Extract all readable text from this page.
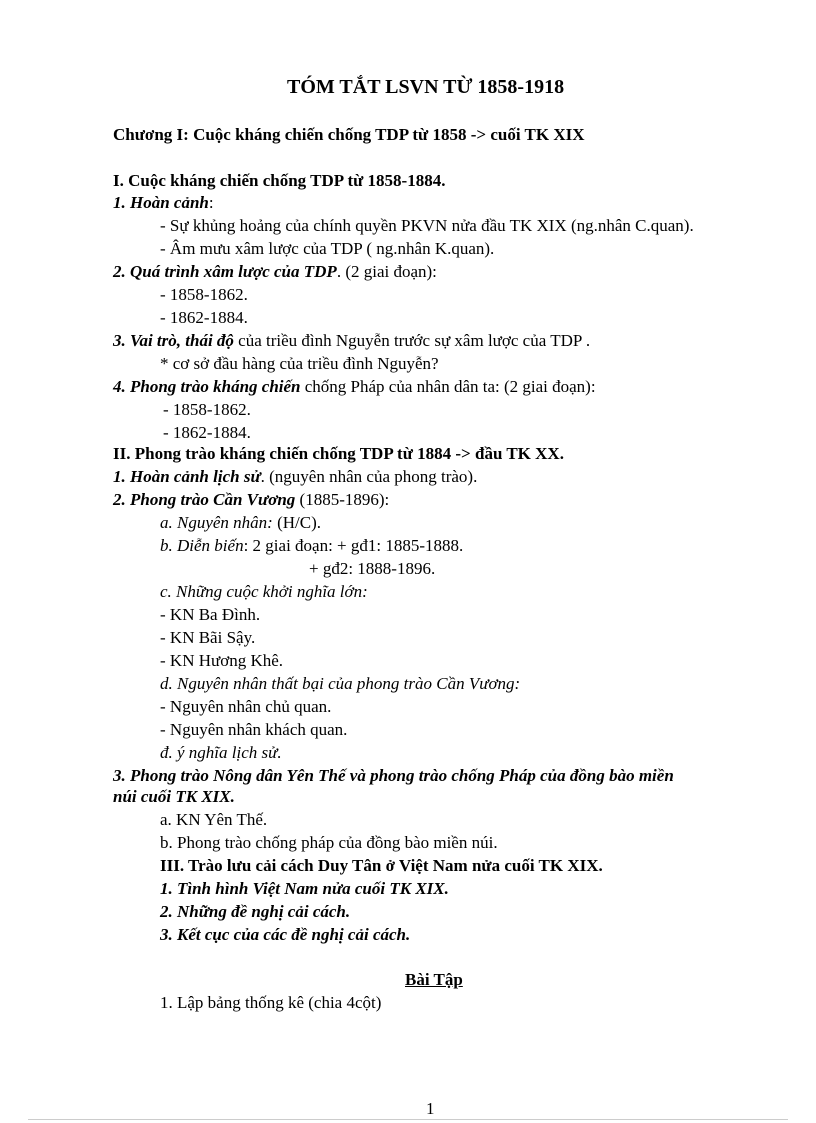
TÓM TẮT LSVN TỪ 1858-1918
Chương I: Cuộc kháng chiến chống TDP từ 1858 -> cuối TK XIX
I. Cuộc kháng chiến chống TDP từ 1858-1884.
1. Hoàn cảnh:
- Sự khủng hoảng của chính quyền PKVN nửa đầu TK XIX (ng.nhân C.quan).
- Âm mưu xâm lược của TDP ( ng.nhân K.quan).
2. Quá trình xâm lược của TDP. (2 giai đoạn):
- 1858-1862.
- 1862-1884.
3. Vai trò, thái độ của triều đình Nguyễn trước sự xâm lược của TDP .
* cơ sở đầu hàng của triều đình Nguyễn?
4. Phong trào kháng chiến chống Pháp của nhân dân ta: (2 giai đoạn):
- 1858-1862.
- 1862-1884.
II. Phong trào kháng chiến chống TDP từ 1884 -> đầu TK XX.
1. Hoàn cảnh lịch sử. (nguyên nhân của phong trào).
2. Phong trào Cần Vương (1885-1896):
a. Nguyên nhân: (H/C).
b. Diễn biến: 2 giai đoạn: + gđ1: 1885-1888.
+ gđ2: 1888-1896.
c. Những cuộc khởi nghĩa lớn:
- KN Ba Đình.
- KN Bãi Sậy.
- KN Hương Khê.
d. Nguyên nhân thất bại của phong trào Cần Vương:
- Nguyên nhân chủ quan.
- Nguyên nhân khách quan.
đ. ý nghĩa lịch sử.
3. Phong trào Nông dân Yên Thế và phong trào chống Pháp của đồng bào miền
núi cuối TK XIX.
a. KN Yên Thế.
b. Phong trào chống pháp của đồng bào miền núi.
III. Trào lưu cải cách Duy Tân ở Việt Nam nửa cuối TK XIX.
1. Tình hình Việt Nam nửa cuối TK XIX.
2. Những đề nghị cải cách.
3. Kết cục của các đề nghị cải cách.
Bài Tập
1. Lập bảng thống kê (chia 4cột)
1
